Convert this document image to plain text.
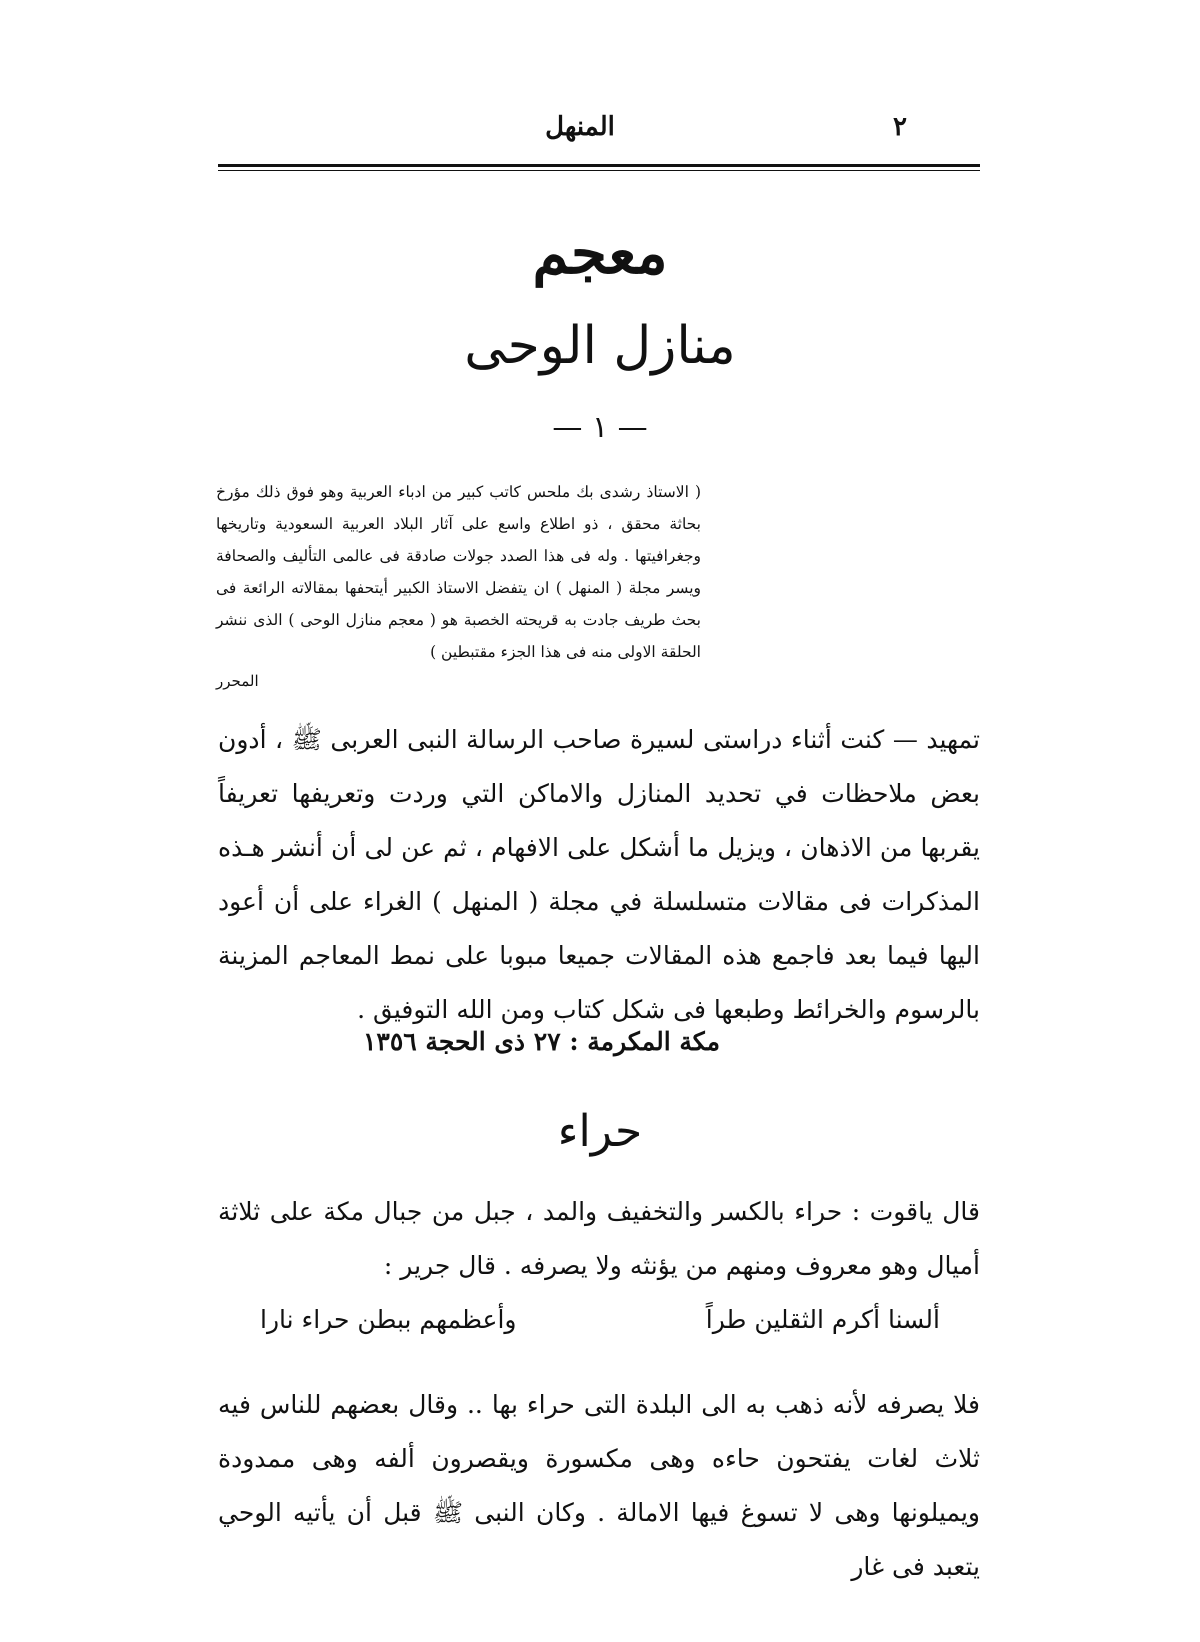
٢
المنهل
معجم
منازل الوحى
— ١ —
( الاستاذ رشدى بك ملحس كاتب كبير من ادباء العربية وهو فوق ذلك مؤرخ بحاثة محقق ، ذو اطلاع واسع على آثار البلاد العربية السعودية وتاريخها وجغرافيتها . وله فى هذا الصدد جولات صادقة فى عالمى التأليف والصحافة ويسر مجلة ( المنهل ) ان يتفضل الاستاذ الكبير أيتحفها بمقالاته الرائعة فى بحث طريف جادت به قريحته الخصبة هو ( معجم منازل الوحى ) الذى ننشر الحلقة الاولى منه فى هذا الجزء مقتبطين )
المحرر
تمهيد — كنت أثناء دراستى لسيرة صاحب الرسالة النبى العربى ﷺ ، أدون بعض ملاحظات في تحديد المنازل والاماكن التي وردت وتعريفها تعريفاً يقربها من الاذهان ، ويزيل ما أشكل على الافهام ، ثم عن لى أن أنشر هـذه المذكرات فى مقالات متسلسلة في مجلة ( المنهل ) الغراء على أن أعود اليها فيما بعد فاجمع هذه المقالات جميعا مبوبا على نمط المعاجم المزينة بالرسوم والخرائط وطبعها فى شكل كتاب ومن الله التوفيق .
مكة المكرمة : ٢٧ ذى الحجة ١٣٥٦
حراء
قال ياقوت : حراء بالكسر والتخفيف والمد ، جبل من جبال مكة على ثلاثة أميال وهو معروف ومنهم من يؤنثه ولا يصرفه . قال جرير :
ألسنا أكرم الثقلين طراً
وأعظمهم ببطن حراء نارا
فلا يصرفه لأنه ذهب به الى البلدة التى حراء بها .. وقال بعضهم للناس فيه ثلاث لغات يفتحون حاءه وهى مكسورة ويقصرون ألفه وهى ممدودة ويميلونها وهى لا تسوغ فيها الامالة . وكان النبى ﷺ قبل أن يأتيه الوحي يتعبد فى غار
